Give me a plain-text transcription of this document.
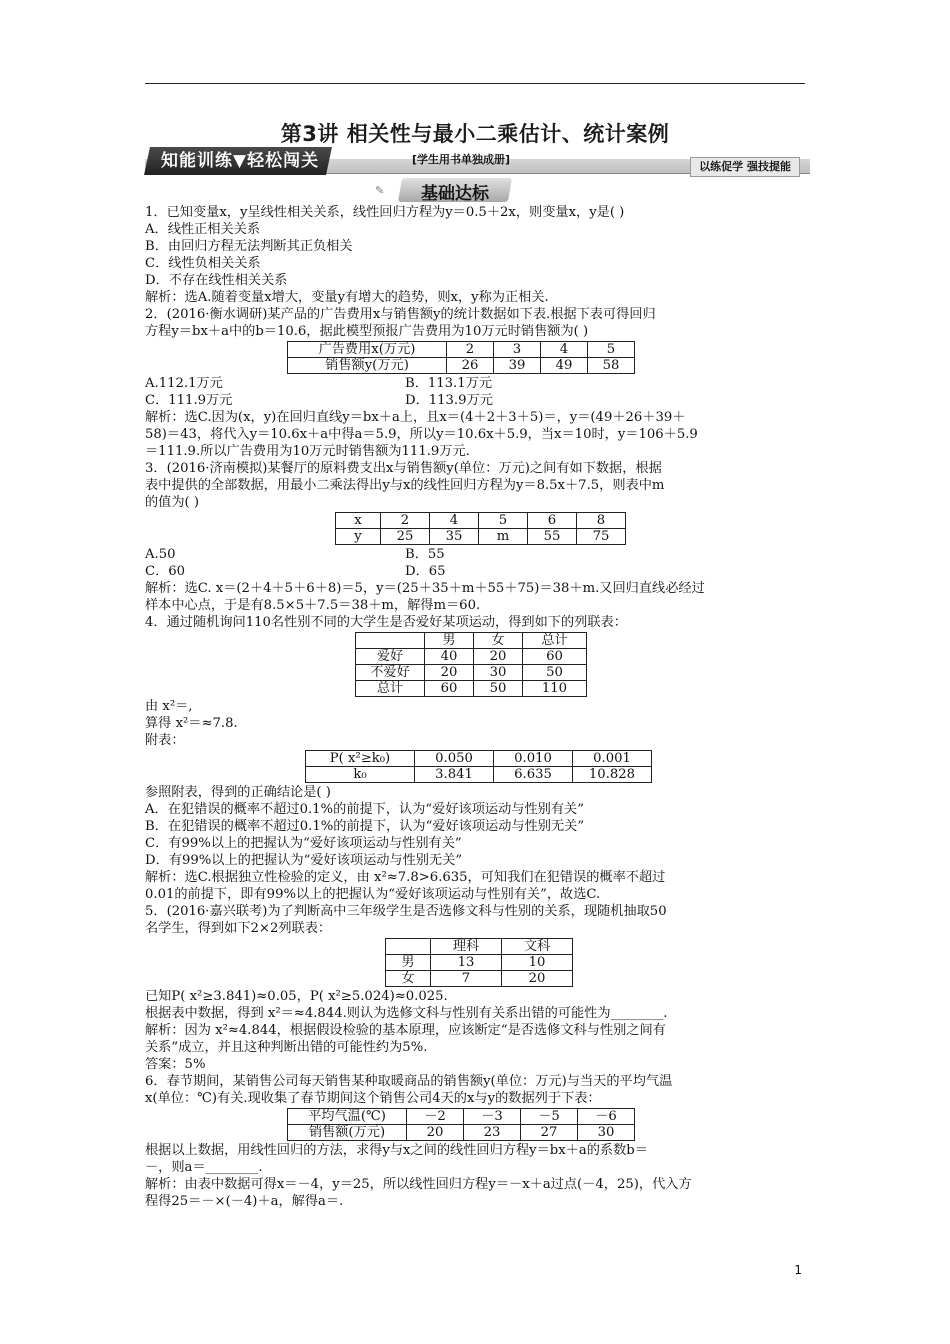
第3讲 相关性与最小二乘估计、统计案例
知能训练▼轻松闯关	[学生用书单独成册]
以练促学 强技提能
✎	基础达标
1．已知变量x，y呈线性相关关系，线性回归方程为y＝0.5＋2x，则变量x，y是( )
A．线性正相关关系
B．由回归方程无法判断其正负相关
C．线性负相关关系
D．不存在线性相关关系
解析：选A.随着变量x增大，变量y有增大的趋势，则x，y称为正相关.
2．(2016·衡水调研)某产品的广告费用x与销售额y的统计数据如下表.根据下表可得回归
方程y＝bx＋a中的b＝10.6，据此模型预报广告费用为10万元时销售额为( )
广告费用x(万元)	2	3	4	5
销售额y(万元)	26	39	49	58
A.112.1万元	B．113.1万元
C．111.9万元	D．113.9万元
解析：选C.因为(x，y)在回归直线y＝bx＋a上，且x＝(4＋2＋3＋5)＝，y＝(49＋26＋39＋
58)＝43，将代入y＝10.6x＋a中得a＝5.9，所以y＝10.6x＋5.9，当x＝10时，y＝106＋5.9
＝111.9.所以广告费用为10万元时销售额为111.9万元.
3．(2016·济南模拟)某餐厅的原料费支出x与销售额y(单位：万元)之间有如下数据，根据
表中提供的全部数据，用最小二乘法得出y与x的线性回归方程为y＝8.5x＋7.5，则表中m
的值为( )
x	2	4	5	6	8
y	25	35	m	55	75
A.50	B．55
C．60	D．65
解析：选C. x＝(2＋4＋5＋6＋8)＝5，y＝(25＋35＋m＋55＋75)＝38＋m.又回归直线必经过
样本中心点，于是有8.5×5＋7.5＝38＋m，解得m＝60.
4．通过随机询问110名性别不同的大学生是否爱好某项运动，得到如下的列联表：
	男	女	总计
爱好	40	20	60
不爱好	20	30	50
总计	60	50	110
由 x²＝,
算得 x²＝≈7.8.
附表：
P( x²≥k₀)	0.050	0.010	0.001
k₀	3.841	6.635	10.828
参照附表，得到的正确结论是( )
A．在犯错误的概率不超过0.1%的前提下，认为“爱好该项运动与性别有关”
B．在犯错误的概率不超过0.1%的前提下，认为“爱好该项运动与性别无关”
C．有99%以上的把握认为“爱好该项运动与性别有关”
D．有99%以上的把握认为“爱好该项运动与性别无关”
解析：选C.根据独立性检验的定义，由 x²≈7.8>6.635，可知我们在犯错误的概率不超过
0.01的前提下，即有99%以上的把握认为“爱好该项运动与性别有关”，故选C.
5．(2016·嘉兴联考)为了判断高中三年级学生是否选修文科与性别的关系，现随机抽取50
名学生，得到如下2×2列联表：
	理科	文科
男	13	10
女	7	20
已知P( x²≥3.841)≈0.05，P( x²≥5.024)≈0.025.
根据表中数据，得到 x²＝≈4.844.则认为选修文科与性别有关系出错的可能性为________.
解析：因为 x²≈4.844，根据假设检验的基本原理，应该断定“是否选修文科与性别之间有
关系”成立，并且这种判断出错的可能性约为5%.
答案：5%
6．春节期间，某销售公司每天销售某种取暖商品的销售额y(单位：万元)与当天的平均气温
x(单位：℃)有关.现收集了春节期间这个销售公司4天的x与y的数据列于下表：
平均气温(℃)	－2	－3	－5	－6
销售额(万元)	20	23	27	30
根据以上数据，用线性回归的方法，求得y与x之间的线性回归方程y＝bx＋a的系数b＝
－，则a＝________.
解析：由表中数据可得x＝－4，y＝25，所以线性回归方程y＝－x＋a过点(－4，25)，代入方
程得25＝－×(－4)＋a，解得a＝.
1
